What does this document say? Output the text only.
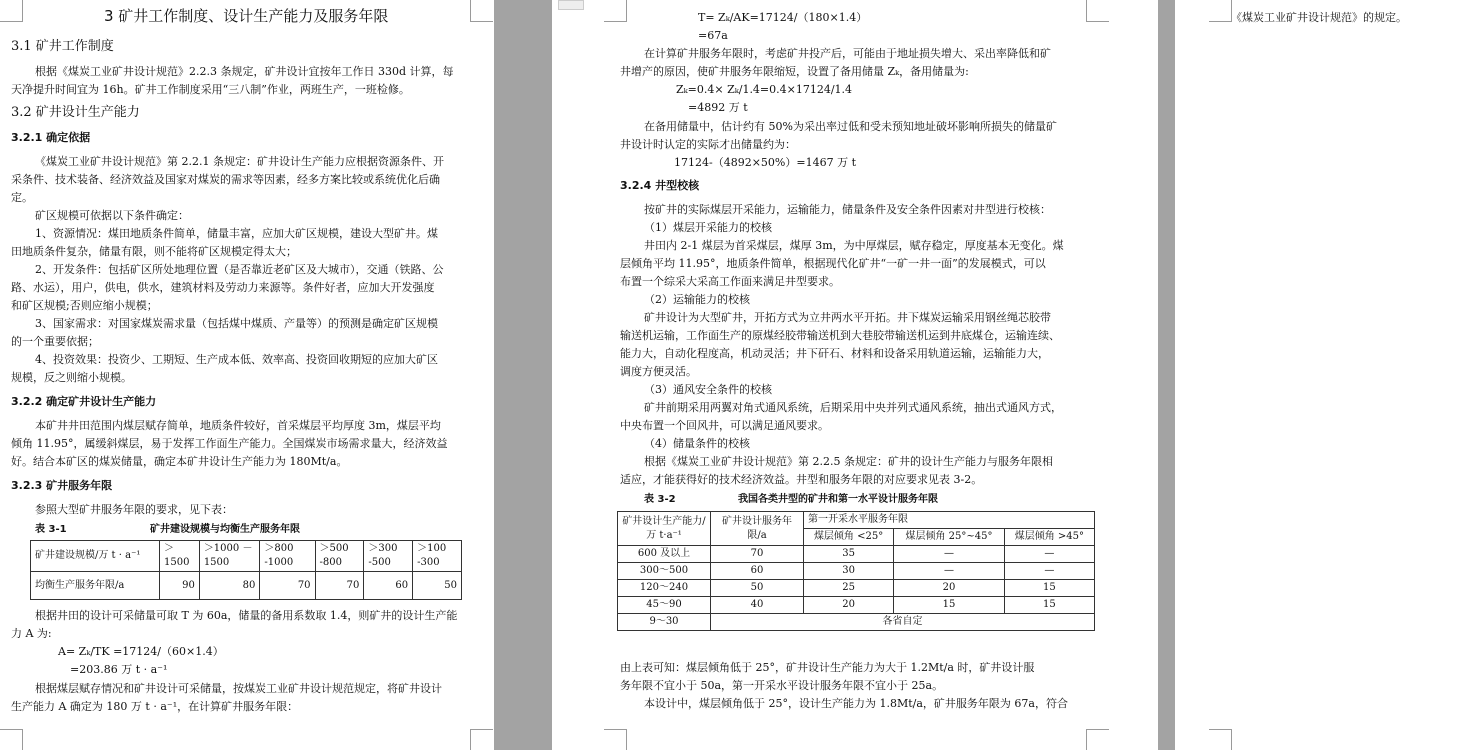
3 矿井工作制度、设计生产能力及服务年限
3.1 矿井工作制度
根据《煤炭工业矿井设计规范》2.2.3 条规定，矿井设计宜按年工作日 330d 计算，每
天净提升时间宜为 16h。矿井工作制度采用“三八制”作业，两班生产，一班检修。
3.2 矿井设计生产能力
3.2.1 确定依据
《煤炭工业矿井设计规范》第 2.2.1 条规定：矿井设计生产能力应根据资源条件、开
采条件、技术装备、经济效益及国家对煤炭的需求等因素，经多方案比较或系统优化后确
定。
矿区规模可依据以下条件确定：
1、资源情况：煤田地质条件简单，储量丰富，应加大矿区规模，建设大型矿井。煤
田地质条件复杂，储量有限，则不能将矿区规模定得太大；
2、开发条件：包括矿区所处地理位置（是否靠近老矿区及大城市），交通（铁路、公
路、水运），用户，供电，供水，建筑材料及劳动力来源等。条件好者，应加大开发强度
和矿区规模;否则应缩小规模；
3、国家需求：对国家煤炭需求量（包括煤中煤质、产量等）的预测是确定矿区规模
的一个重要依据；
4、投资效果：投资少、工期短、生产成本低、效率高、投资回收期短的应加大矿区
规模，反之则缩小规模。
3.2.2 确定矿井设计生产能力
本矿井井田范围内煤层赋存简单，地质条件较好，首采煤层平均厚度 3m，煤层平均
倾角 11.95°，属缓斜煤层，易于发挥工作面生产能力。全国煤炭市场需求量大，经济效益
好。结合本矿区的煤炭储量，确定本矿井设计生产能力为 180Mt/a。
3.2.3 矿井服务年限
参照大型矿井服务年限的要求，见下表：
表 3-1	矿井建设规模与均衡生产服务年限
矿井建设规模/万 t · a⁻¹	＞1500	＞1000 －1500	＞800 -1000	＞500 -800	＞300 -500	＞100 -300
均衡生产服务年限/a	90	80	70	70	60	50
根据井田的设计可采储量可取 T 为 60a，储量的备用系数取 1.4，则矿井的设计生产能
力 A 为:
A= Zₖ/TK =17124/（60×1.4）
=203.86 万 t · a⁻¹
根据煤层赋存情况和矿井设计可采储量，按煤炭工业矿井设计规范规定，将矿井设计
生产能力 A 确定为 180 万 t · a⁻¹，在计算矿井服务年限：
T= Zₖ/AK=17124/（180×1.4）
=67a
在计算矿井服务年限时，考虑矿井投产后，可能由于地址损失增大、采出率降低和矿
井增产的原因，使矿井服务年限缩短，设置了备用储量 Zₖ，备用储量为:
Zₖ=0.4× Zₖ/1.4=0.4×17124/1.4
=4892 万 t
在备用储量中，估计约有 50%为采出率过低和受未预知地址破坏影响所损失的储量矿
井设计时认定的实际才出储量约为：
17124-（4892×50%）=1467 万 t
3.2.4 井型校核
按矿井的实际煤层开采能力，运输能力，储量条件及安全条件因素对井型进行校核：
（1）煤层开采能力的校核
井田内 2-1 煤层为首采煤层，煤厚 3m，为中厚煤层，赋存稳定，厚度基本无变化。煤
层倾角平均 11.95°，地质条件简单，根据现代化矿井“一矿一井一面”的发展模式，可以
布置一个综采大采高工作面来满足井型要求。
（2）运输能力的校核
矿井设计为大型矿井，开拓方式为立井两水平开拓。井下煤炭运输采用钢丝绳芯胶带
输送机运输，工作面生产的原煤经胶带输送机到大巷胶带输送机运到井底煤仓，运输连续、
能力大，自动化程度高，机动灵活；井下矸石、材料和设备采用轨道运输，运输能力大，
调度方便灵活。
（3）通风安全条件的校核
矿井前期采用两翼对角式通风系统，后期采用中央并列式通风系统，抽出式通风方式，
中央布置一个回风井，可以满足通风要求。
（4）储量条件的校核
根据《煤炭工业矿井设计规范》第 2.2.5 条规定：矿井的设计生产能力与服务年限相
适应，才能获得好的技术经济效益。井型和服务年限的对应要求见表 3-2。
表 3-2	我国各类井型的矿井和第一水平设计服务年限
矿井设计生产能力/万 t·a⁻¹	矿井设计服务年限/a	第一开采水平服务年限		
		煤层倾角 <25°	煤层倾角 25°~45°	煤层倾角 >45°
600 及以上	70	35	—	—
300～500	60	30	—	—
120～240	50	25	20	15
45～90	40	20	15	15
9～30	各省自定			
由上表可知：煤层倾角低于 25°，矿井设计生产能力为大于 1.2Mt/a 时，矿井设计服
务年限不宜小于 50a，第一开采水平设计服务年限不宜小于 25a。
本设计中，煤层倾角低于 25°，设计生产能力为 1.8Mt/a，矿井服务年限为 67a，符合
《煤炭工业矿井设计规范》的规定。
